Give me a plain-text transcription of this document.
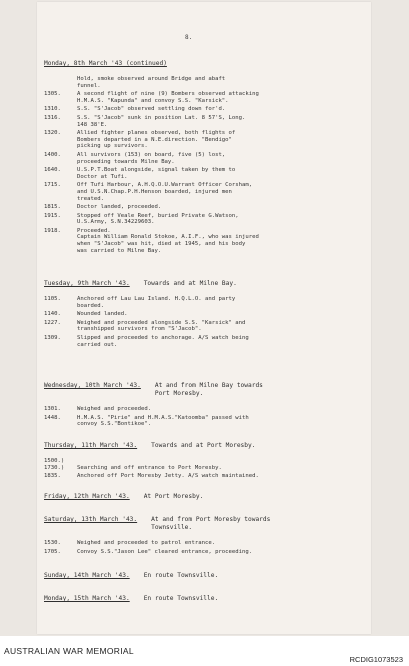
8.
Monday, 8th March '43 (continued)
Hold, smoke observed around Bridge and abaft
funnel.
1305.	A second flight of nine (9) Bombers observed attacking
H.M.A.S. "Kapunda" and convoy S.S. "Karsick".
1310.	S.S. "S'Jacob" observed settling down for'd.
1316.	S.S. "S'Jacob" sunk in position Lat. 8 57'S, Long.
148 38'E.
1320.	Allied fighter planes observed, both flights of
Bombers departed in a N.E.direction. "Bendigo"
picking up survivors.
1400.	All survivors (153) on board, five (5) lost,
proceeding towards Milne Bay.
1640.	U.S.P.T.Boat alongside, signal taken by them to
Doctor at Tufi.
1715.	Off Tufi Harbour, A.H.Q.O.U.Warrant Officer Corsham,
and U.S.N.Chap.P.H.Henson boarded, injured men
treated.
1815.	Doctor landed, proceeded.
1915.	Stopped off Veale Reef, buried Private G.Watson,
U.S.Army, S.N.34229603.
1918.	Proceeded.
Captain William Ronald Stokoe, A.I.F., who was injured
when "S'Jacob" was hit, died at 1945, and his body
was carried to Milne Bay.
Tuesday, 9th March '43. Towards and at Milne Bay.
1105.	Anchored off Lau Lau Island. H.Q.L.O. and party
boarded.
1140.	Wounded landed.
1227.	Weighed and proceeded alongside S.S. "Karsick" and
transhipped survivors from "S'Jacob".
1309.	Slipped and proceeded to anchorage. A/S watch being
carried out.
Wednesday, 10th March '43. At and from Milne Bay towards
Port Moresby.
1301.	Weighed and proceeded.
1448.	H.M.A.S. "Pirie" and H.M.A.S."Katoomba" passed with
convoy S.S."Bontikoe".
Thursday, 11th March '43. Towards and at Port Moresby.
1500.)
1730.)	
Searching and off entrance to Port Moresby.
1835.	Anchored off Port Moresby Jetty. A/S watch maintained.
Friday, 12th March '43. At Port Moresby.
Saturday, 13th March '43. At and from Port Moresby towards
Townsville.
1530.	Weighed and proceeded to patrol entrance.
1705.	Convoy S.S."Jason Lee" cleared entrance, proceeding.
Sunday, 14th March '43. En route Townsville.
Monday, 15th March '43. En route Townsville.
AUSTRALIAN WAR MEMORIAL
RCDIG1073523
